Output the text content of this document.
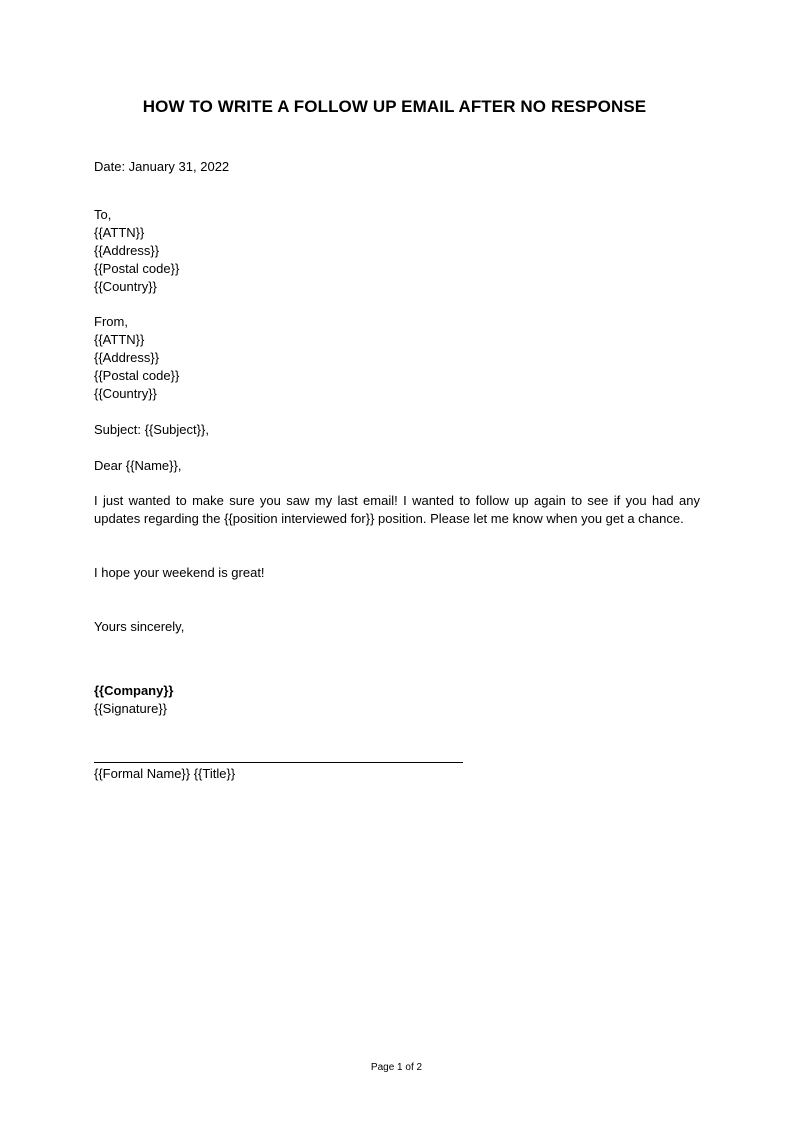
HOW TO WRITE A FOLLOW UP EMAIL AFTER NO RESPONSE
Date: January 31, 2022
To,
{{ATTN}}
{{Address}}
{{Postal code}}
{{Country}}
From,
{{ATTN}}
{{Address}}
{{Postal code}}
{{Country}}
Subject: {{Subject}},
Dear {{Name}},
I just wanted to make sure you saw my last email! I wanted to follow up again to see if you had any updates regarding the {{position interviewed for}} position. Please let me know when you get a chance.
I hope your weekend is great!
Yours sincerely,
{{Company}}
{{Signature}}
{{Formal Name}} {{Title}}
Page 1 of 2
